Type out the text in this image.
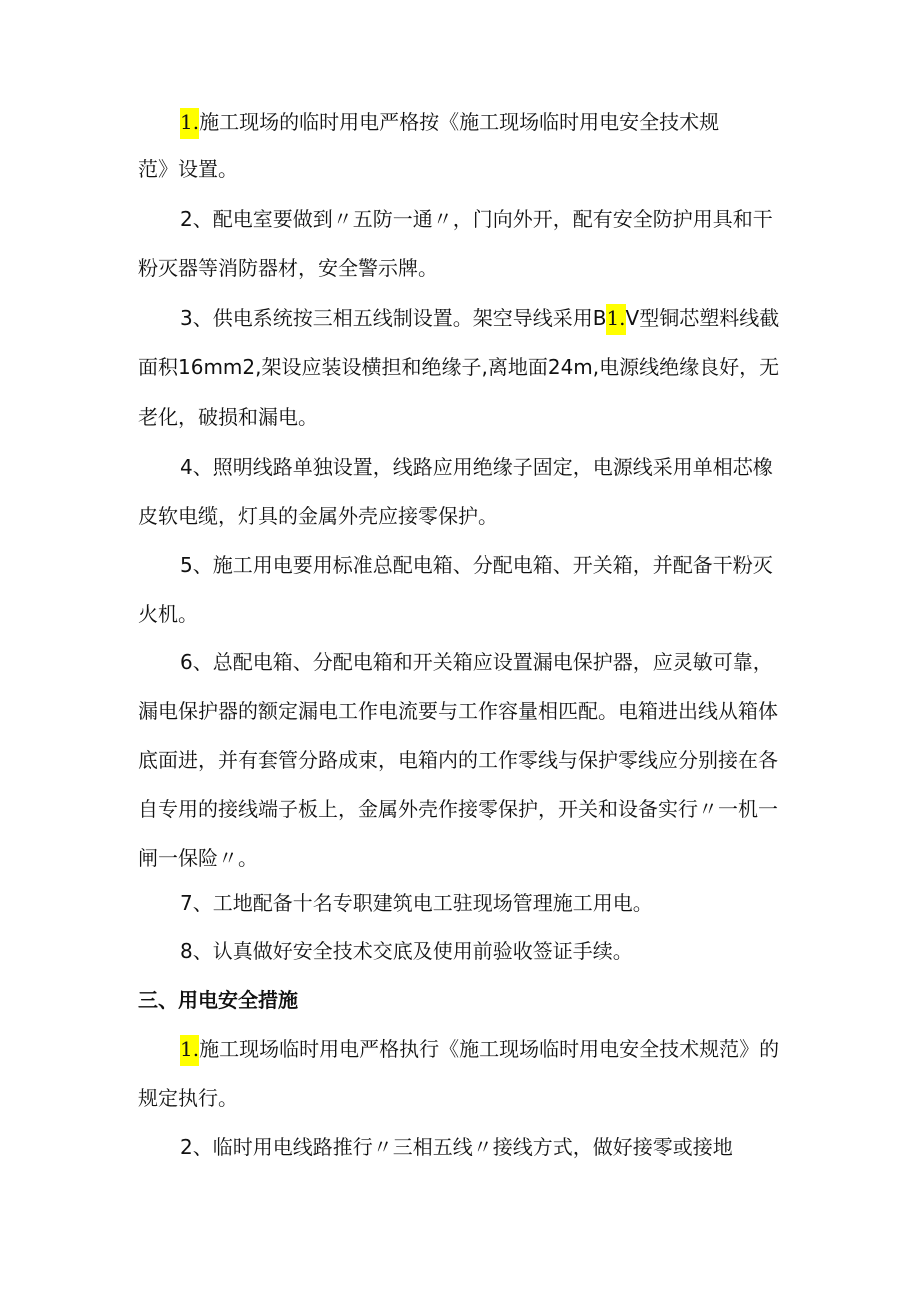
1.施工现场的临时用电严格按《施工现场临时用电安全技术规
范》设置。
2、配电室要做到〃五防一通〃，门向外开，配有安全防护用具和干
粉灭器等消防器材，安全警示牌。
3、供电系统按三相五线制设置。架空导线采用B1.V型铜芯塑料线截
面积16mm2,架设应装设横担和绝缘子,离地面24m,电源线绝缘良好，无
老化，破损和漏电。
4、照明线路单独设置，线路应用绝缘子固定，电源线采用单相芯橡
皮软电缆，灯具的金属外壳应接零保护。
5、施工用电要用标准总配电箱、分配电箱、开关箱，并配备干粉灭
火机。
6、总配电箱、分配电箱和开关箱应设置漏电保护器，应灵敏可靠，
漏电保护器的额定漏电工作电流要与工作容量相匹配。电箱进出线从箱体
底面进，并有套管分路成束，电箱内的工作零线与保护零线应分别接在各
自专用的接线端子板上，金属外壳作接零保护，开关和设备实行〃一机一
闸一保险〃。
7、工地配备十名专职建筑电工驻现场管理施工用电。
8、认真做好安全技术交底及使用前验收签证手续。
三、用电安全措施
1.施工现场临时用电严格执行《施工现场临时用电安全技术规范》的
规定执行。
2、临时用电线路推行〃三相五线〃接线方式，做好接零或接地
